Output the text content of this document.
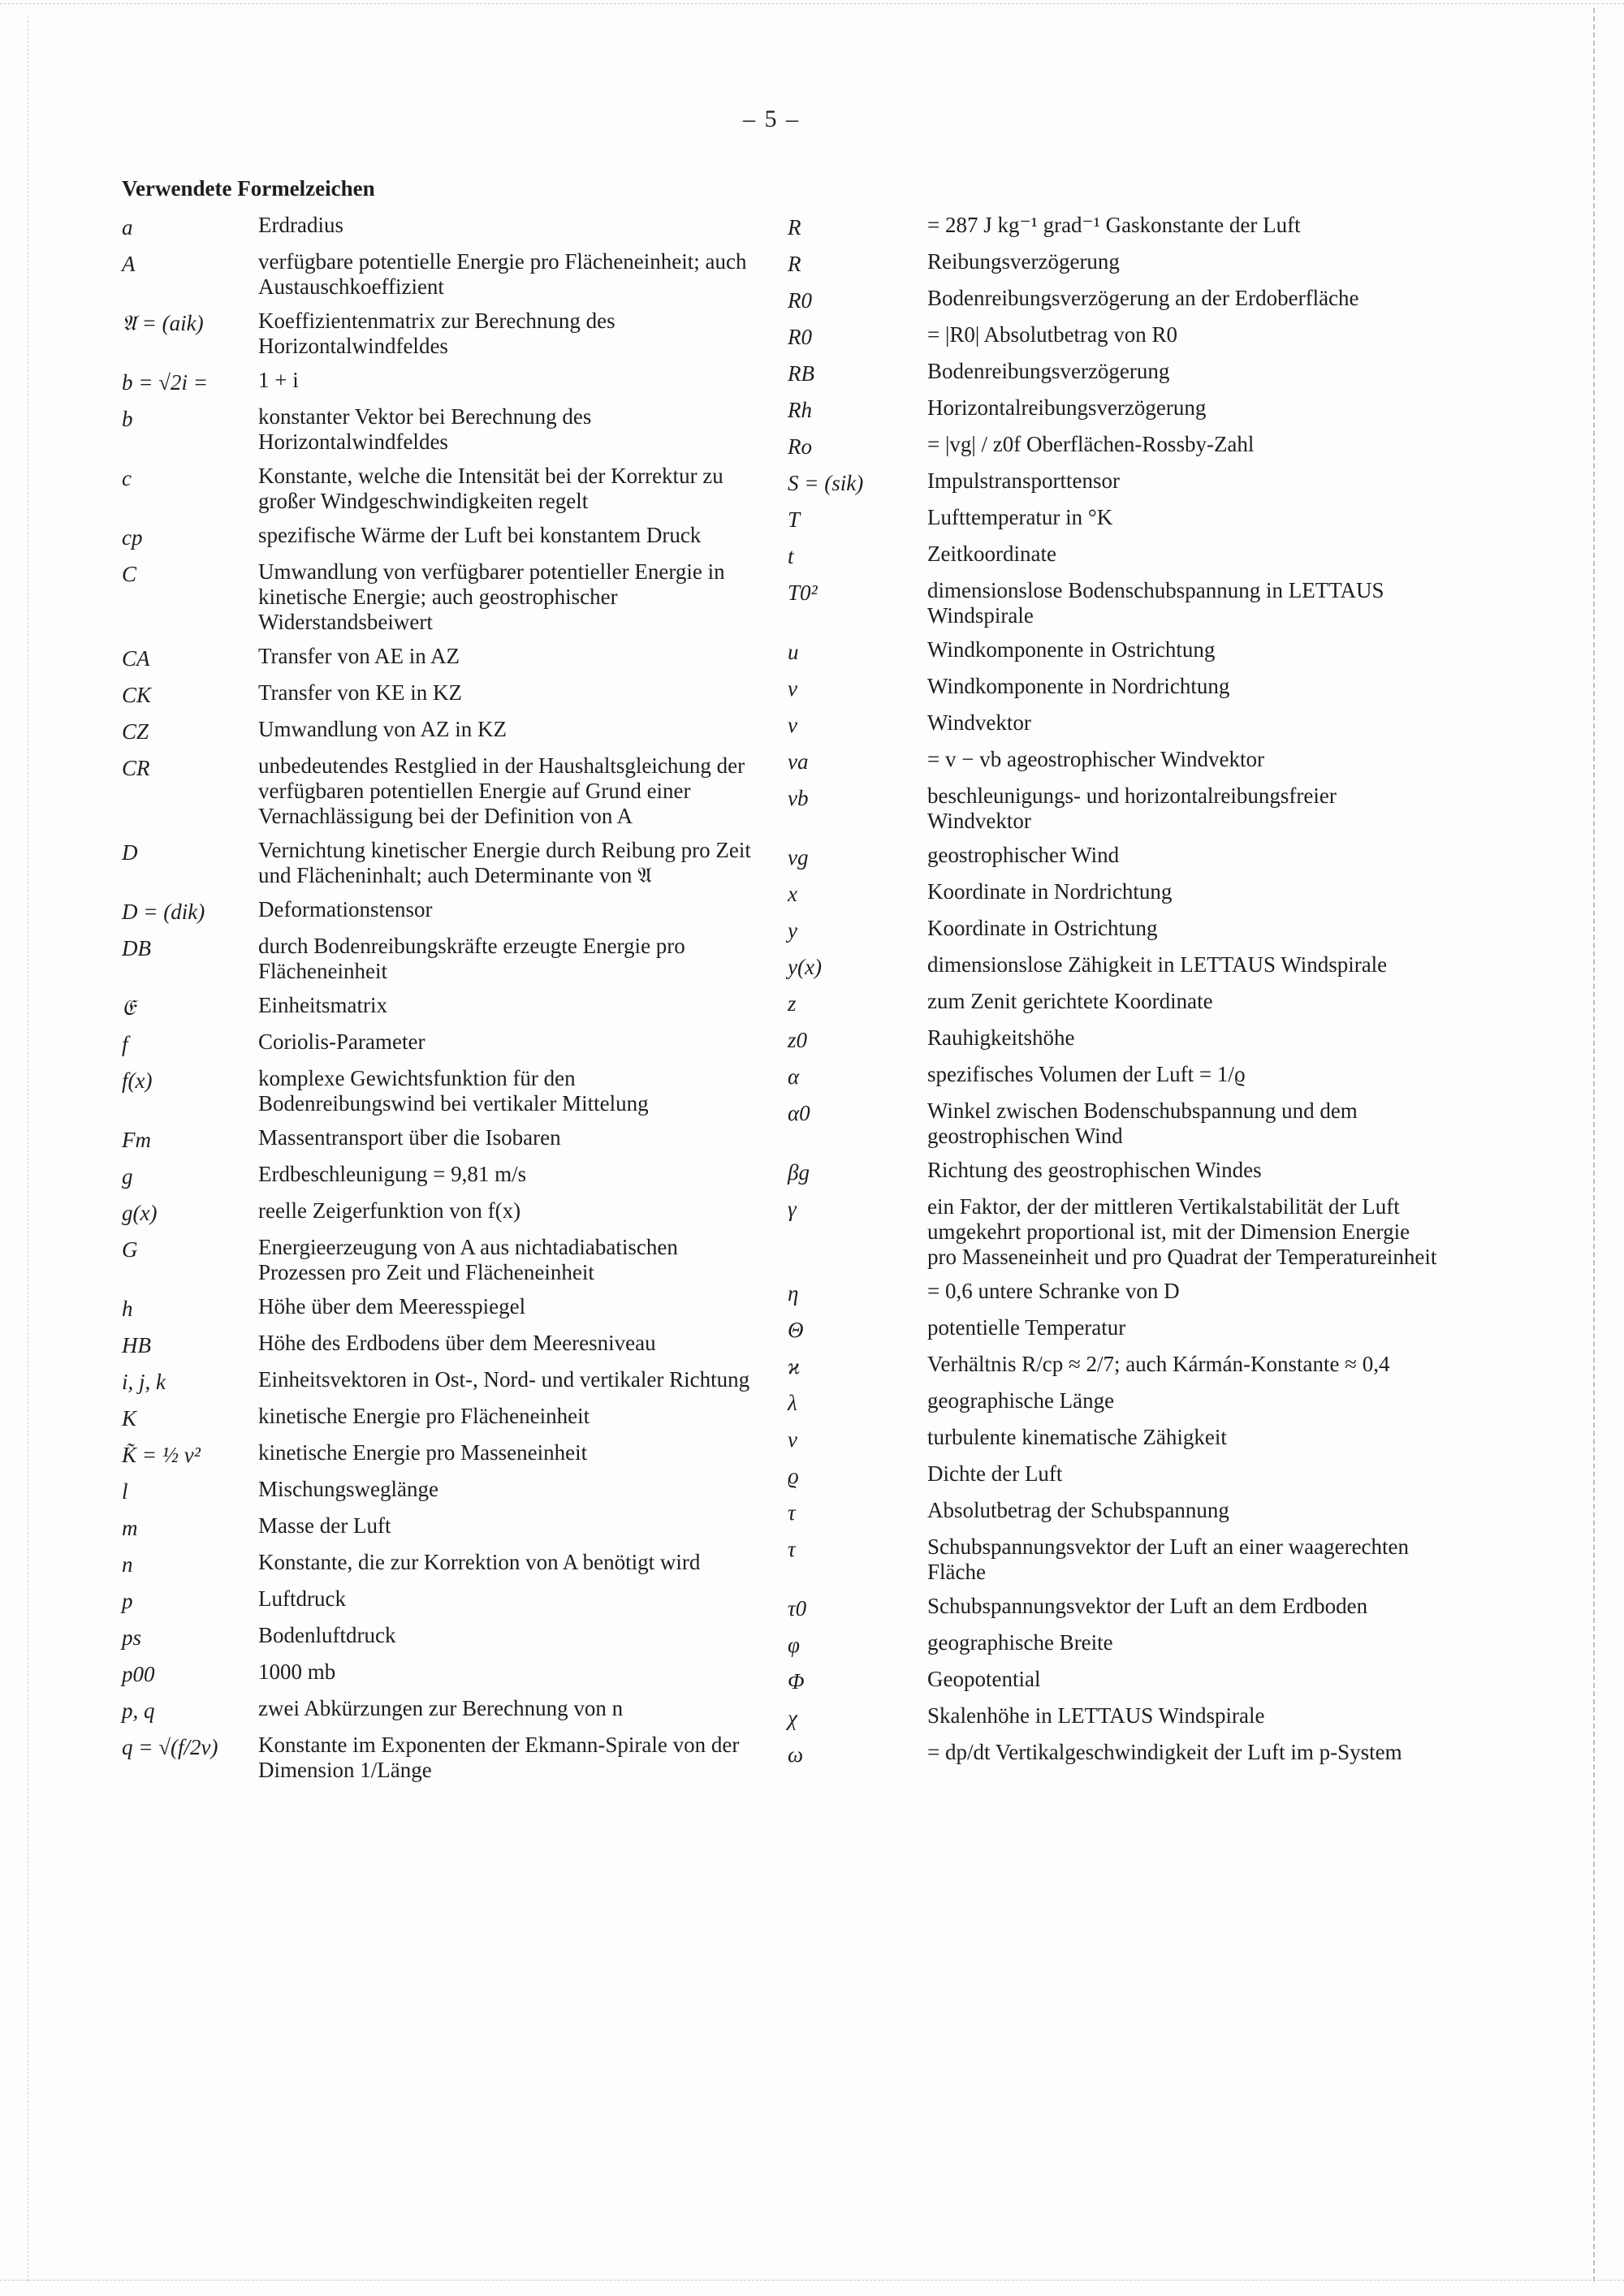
– 5 –
Verwendete Formelzeichen
a	Erdradius
A	verfügbare potentielle Energie pro Flächeneinheit; auch Austauschkoeffizient
𝔄 = (aik)	Koeffizientenmatrix zur Berechnung des Horizontalwindfeldes
b = √2i =	1 + i
b	konstanter Vektor bei Berechnung des Horizontalwindfeldes
c	Konstante, welche die Intensität bei der Korrektur zu großer Windgeschwindigkeiten regelt
cp	spezifische Wärme der Luft bei konstantem Druck
C	Umwandlung von verfügbarer potentieller Energie in kinetische Energie; auch geostrophischer Widerstandsbeiwert
CA	Transfer von AE in AZ
CK	Transfer von KE in KZ
CZ	Umwandlung von AZ in KZ
CR	unbedeutendes Restglied in der Haushaltsgleichung der verfügbaren potentiellen Energie auf Grund einer Vernachlässigung bei der Definition von A
D	Vernichtung kinetischer Energie durch Reibung pro Zeit und Flächeninhalt; auch Determinante von 𝔄
D = (dik)	Deformationstensor
DB	durch Bodenreibungskräfte erzeugte Energie pro Flächeneinheit
𝔈	Einheitsmatrix
f	Coriolis-Parameter
f(x)	komplexe Gewichtsfunktion für den Bodenreibungswind bei vertikaler Mittelung
Fm	Massentransport über die Isobaren
g	Erdbeschleunigung = 9,81 m/s
g(x)	reelle Zeigerfunktion von f(x)
G	Energieerzeugung von A aus nichtadiabatischen Prozessen pro Zeit und Flächeneinheit
h	Höhe über dem Meeresspiegel
HB	Höhe des Erdbodens über dem Meeresniveau
i, j, k	Einheitsvektoren in Ost-, Nord- und vertikaler Richtung
K	kinetische Energie pro Flächeneinheit
K̃ = ½ v²	kinetische Energie pro Masseneinheit
l	Mischungsweglänge
m	Masse der Luft
n	Konstante, die zur Korrektion von A benötigt wird
p	Luftdruck
ps	Bodenluftdruck
p00	1000 mb
p, q	zwei Abkürzungen zur Berechnung von n
q = √(f/2ν)	Konstante im Exponenten der Ekmann-Spirale von der Dimension 1/Länge
R	= 287 J kg⁻¹ grad⁻¹ Gaskonstante der Luft
R	Reibungsverzögerung
R0	Bodenreibungsverzögerung an der Erdoberfläche
R0	= |R0| Absolutbetrag von R0
RB	Bodenreibungsverzögerung
Rh	Horizontalreibungsverzögerung
Ro	= |vg| / z0f Oberflächen-Rossby-Zahl
S = (sik)	Impulstransporttensor
T	Lufttemperatur in °K
t	Zeitkoordinate
T0²	dimensionslose Bodenschubspannung in LETTAUS Windspirale
u	Windkomponente in Ostrichtung
v	Windkomponente in Nordrichtung
v	Windvektor
va	= v − vb ageostrophischer Windvektor
vb	beschleunigungs- und horizontalreibungsfreier Windvektor
vg	geostrophischer Wind
x	Koordinate in Nordrichtung
y	Koordinate in Ostrichtung
y(x)	dimensionslose Zähigkeit in LETTAUS Windspirale
z	zum Zenit gerichtete Koordinate
z0	Rauhigkeitshöhe
α	spezifisches Volumen der Luft = 1/ϱ
α0	Winkel zwischen Bodenschubspannung und dem geostrophischen Wind
βg	Richtung des geostrophischen Windes
γ	ein Faktor, der der mittleren Vertikalstabilität der Luft umgekehrt proportional ist, mit der Dimension Energie pro Masseneinheit und pro Quadrat der Temperatureinheit
η	= 0,6 untere Schranke von D
Θ	potentielle Temperatur
ϰ	Verhältnis R/cp ≈ 2/7; auch Kármán-Konstante ≈ 0,4
λ	geographische Länge
ν	turbulente kinematische Zähigkeit
ϱ	Dichte der Luft
τ	Absolutbetrag der Schubspannung
τ	Schubspannungsvektor der Luft an einer waagerechten Fläche
τ0	Schubspannungsvektor der Luft an dem Erdboden
φ	geographische Breite
Φ	Geopotential
χ	Skalenhöhe in LETTAUS Windspirale
ω	= dp/dt Vertikalgeschwindigkeit der Luft im p-System
